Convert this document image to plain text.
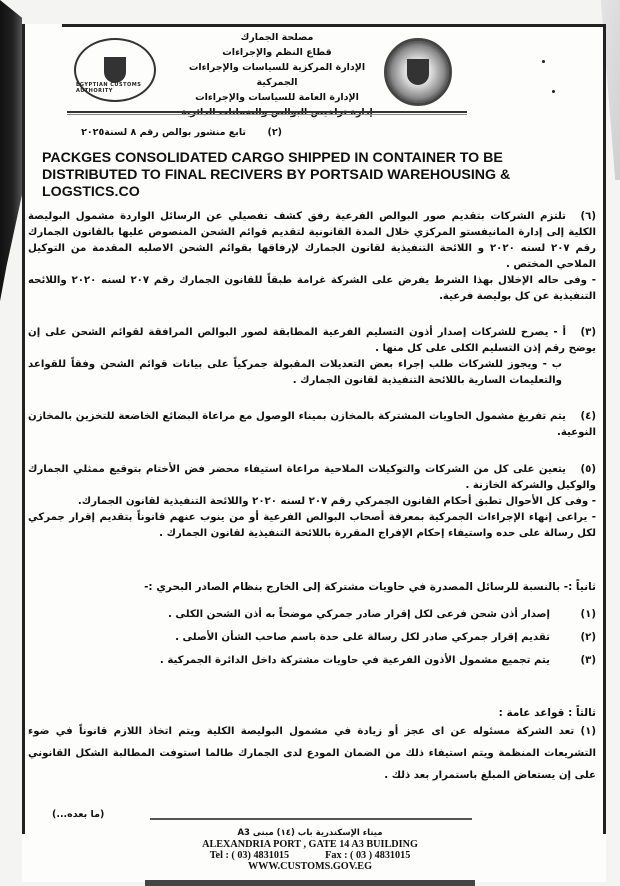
EGYPTIAN CUSTOMS AUTHORITY
مصلحة الجمارك
قطاع النظم والإجراءات
الإدارة المركزية للسياسات والإجراءات الجمركية
الإدارة العامة للسياسات والإجراءات
(٢)
تابع منشور بوالص رقم ٨ لسنة٢٠٢٥
PACKGES CONSOLIDATED CARGO SHIPPED IN CONTAINER TO BE DISTRIBUTED TO FINAL RECIVERS BY PORTSAID WAREHOUSING & LOGSTICS.CO

(٦)تلتزم الشركات بتقديم صور البوالص الفرعية رفق كشف تفصيلي عن الرسائل الواردة مشمول البوليصة الكلية إلى إدارة المانيفستو المركزي خلال المدة القانونية لتقديم قوائم الشحن المنصوص عليها بالقانون الجمارك رقم ٢٠٧ لسنه ٢٠٢٠ و اللائحة التنفيذية لقانون الجمارك لإرفاقها بقوائم الشحن الاصليه المقدمة من التوكيل الملاحي المختص .

- وفى حاله الإخلال بهذا الشرط يفرض على الشركة غرامة طبقاً للقانون الجمارك رقم ٢٠٧ لسنه ٢٠٢٠ واللائحه التنفيذية عن كل بوليصة فرعية.

(٣)أ - يصرح للشركات إصدار أذون التسليم الفرعية المطابقة لصور البوالص المرافقة لقوائم الشحن على إن يوضح رقم إذن التسليم الكلى على كل منها .

ب - ويجوز للشركات طلب إجراء بعض التعديلات المقبولة جمركياً على بيانات قوائم الشحن وفقاً للقواعد والتعليمات السارية باللائحة التنفيذية لقانون الجمارك .

(٤)يتم تفريغ مشمول الحاويات المشتركة بالمخازن بميناء الوصول مع مراعاة البضائع الخاضعة للتخزين بالمخازن النوعية.

(٥)يتعين على كل من الشركات والتوكيلات الملاحية مراعاة استيفاء محضر فض الأختام بتوقيع ممثلي الجمارك والوكيل والشركة الخازنة .

- وفى كل الأحوال تطبق أحكام القانون الجمركي رقم ٢٠٧ لسنه ٢٠٢٠ واللائحة التنفيذية لقانون الجمارك.

- يراعى إنهاء الإجراءات الجمركية بمعرفة أصحاب البوالص الفرعية أو من ينوب عنهم قانوناً بتقديم إقرار جمركي لكل رسالة على حده واستيفاء إحكام الإفراج المقررة باللائحة التنفيذية لقانون الجمارك .

ثانياً :- بالنسبة للرسائل المصدرة في حاويات مشتركة إلى الخارج بنظام الصادر البحري :-

(١)
إصدار أذن شحن فرعى لكل إقرار صادر جمركي موضحاً به أذن الشحن الكلى .
(٢)
تقديم إقرار جمركي صادر لكل رسالة على حدة باسم صاحب الشأن الأصلى .
(٣)
يتم تجميع مشمول الأذون الفرعية في حاويات مشتركة داخل الدائرة الجمركية .

ثالثاً : قواعد عامة :

(١) تعد الشركة مسئوله عن اى عجز أو زيادة في مشمول البوليصة الكلية ويتم اتخاذ اللازم قانوناً في ضوء التشريعات المنظمة ويتم استيفاء ذلك من الضمان المودع لدى الجمارك طالما استوفت المطالبة الشكل القانوني على إن يستعاض المبلغ باستمرار بعد ذلك .

(ما بعده...)
ميناء الإسكندرية باب (١٤) مبنى A3
ALEXANDRIA PORT , GATE 14 A3 BUILDING
Tel : ( 03) 4831015	Fax : ( 03 ) 4831015
WWW.CUSTOMS.GOV.EG
